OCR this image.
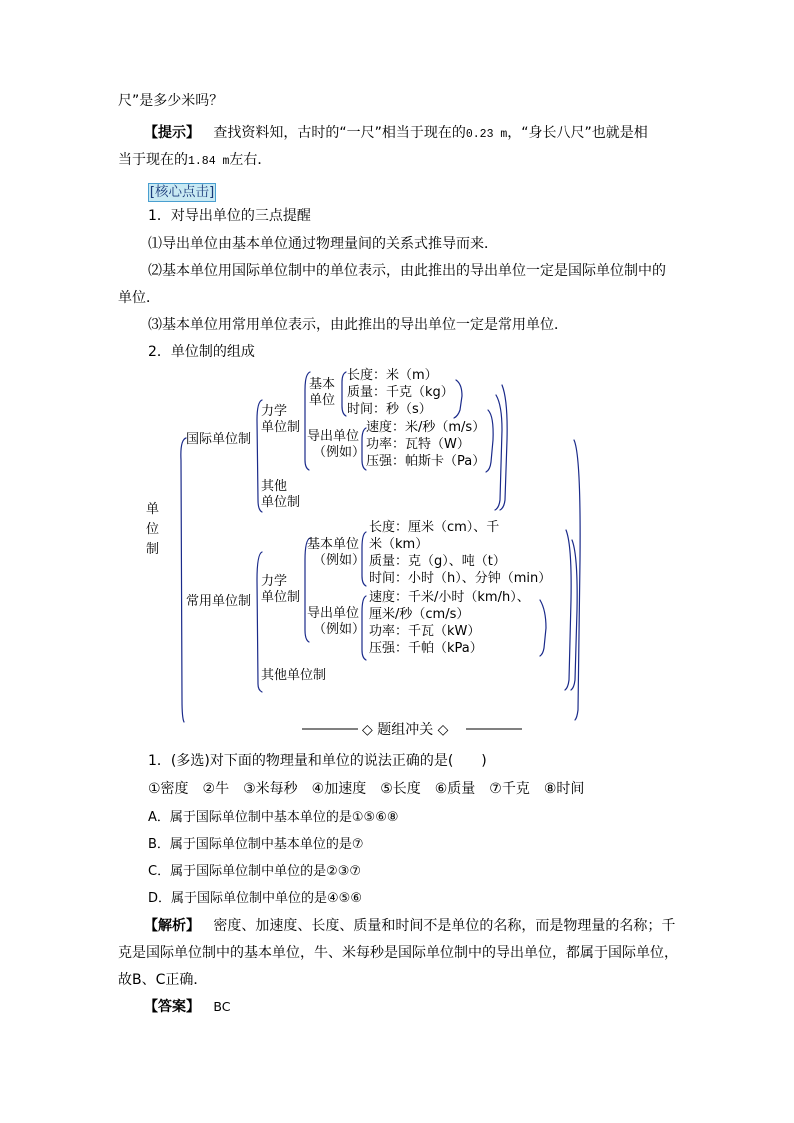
尺”是多少米吗？
【提示】 查找资料知，古时的“一尺”相当于现在的0.23 m，“身长八尺”也就是相
当于现在的1.84 m左右．
[核心点击]
1．对导出单位的三点提醒
⑴导出单位由基本单位通过物理量间的关系式推导而来．
⑵基本单位用国际单位制中的单位表示，由此推出的导出单位一定是国际单位制中的
单位．
⑶基本单位用常用单位表示，由此推出的导出单位一定是常用单位．
2．单位制的组成
单
位
制
国际单位制
力学
单位制
基本
单位
长度：米（m）
质量：千克（kg）
时间：秒（s）
导出单位
（例如）
速度：米/秒（m/s）
功率：瓦特（W）
压强：帕斯卡（Pa）
其他
单位制
常用单位制
力学
单位制
基本单位
（例如）
长度：厘米（cm）、千
米（km）
质量：克（g）、吨（t）
时间：小时（h）、分钟（min）
导出单位
（例如）
速度：千米/小时（km/h）、
厘米/秒（cm/s）
功率：千瓦（kW）
压强：千帕（kPa）
其他单位制
◇ 题组冲关 ◇
1．(多选)对下面的物理量和单位的说法正确的是(　　)
①密度　②牛　③米每秒　④加速度　⑤长度　⑥质量　⑦千克　⑧时间
A．属于国际单位制中基本单位的是①⑤⑥⑧
B．属于国际单位制中基本单位的是⑦
C．属于国际单位制中单位的是②③⑦
D．属于国际单位制中单位的是④⑤⑥
【解析】 密度、加速度、长度、质量和时间不是单位的名称，而是物理量的名称；千
克是国际单位制中的基本单位，牛、米每秒是国际单位制中的导出单位，都属于国际单位，
故B、C正确．
【答案】 BC
